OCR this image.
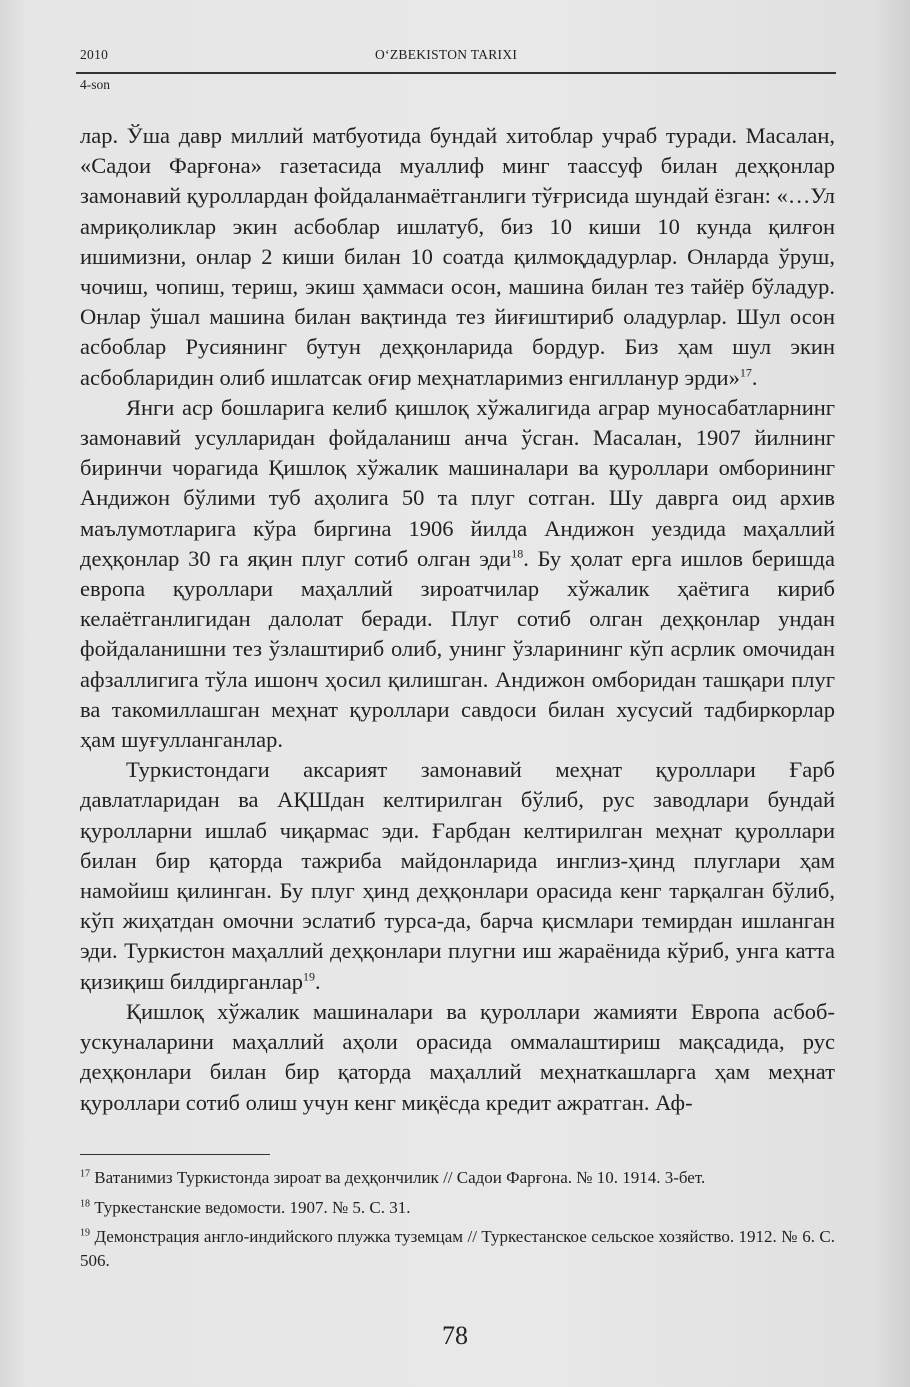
2010	O‘ZBEKISTON TARIXI
4-son

лар. Ўша давр миллий матбуотида бундай хитоблар учраб туради. Масалан, «Садои Фарғона» газетасида муаллиф минг таассуф билан деҳқонлар замонавий қуроллардан фойдаланмаётганлиги тўғрисида шундай ёзган: «…Ул амриқоликлар экин асбоблар ишлатуб, биз 10 киши 10 кунда қилғон ишимизни, онлар 2 киши билан 10 соатда қилмоқдадурлар. Онларда ўруш, чочиш, чопиш, териш, экиш ҳаммаси осон, машина билан тез тайёр бўладур. Онлар ўшал машина билан вақтинда тез йиғиштириб оладурлар. Шул осон асбоблар Русиянинг бутун деҳқонларида бордур. Биз ҳам шул экин асбобларидин олиб ишлатсак оғир меҳнатларимиз енгилланур эрди»$^{17}$.

Янги аср бошларига келиб қишлоқ хўжалигида аграр муносабатларнинг замонавий усулларидан фойдаланиш анча ўсган. Масалан, 1907 йилнинг биринчи чорагида Қишлоқ хўжалик машиналари ва қуроллари омборининг Андижон бўлими туб аҳолига 50 та плуг сотган. Шу даврга оид архив маълумотларига кўра биргина 1906 йилда Андижон уездида маҳаллий деҳқонлар 30 га яқин плуг сотиб олган эди$^{18}$. Бу ҳолат ерга ишлов беришда европа қуроллари маҳаллий зироатчилар хўжалик ҳаётига кириб келаётганлигидан далолат беради. Плуг сотиб олган деҳқонлар ундан фойдаланишни тез ўзлаштириб олиб, унинг ўзларининг кўп асрлик омочидан афзаллигига тўла ишонч ҳосил қилишган. Андижон омборидан ташқари плуг ва такомиллашган меҳнат қуроллари савдоси билан хусусий тадбиркорлар ҳам шуғулланганлар.

Туркистондаги аксарият замонавий меҳнат қуроллари Ғарб давлатларидан ва АҚШдан келтирилган бўлиб, рус заводлари бундай қуролларни ишлаб чиқармас эди. Ғарбдан келтирилган меҳнат қуроллари билан бир қаторда тажриба майдонларида инглиз-ҳинд плуглари ҳам намойиш қилинган. Бу плуг ҳинд деҳқонлари орасида кенг тарқалган бўлиб, кўп жиҳатдан омочни эслатиб турса-да, барча қисмлари темирдан ишланган эди. Туркистон маҳаллий деҳқонлари плугни иш жараёнида кўриб, унга катта қизиқиш билдирганлар$^{19}$.

Қишлоқ хўжалик машиналари ва қуроллари жамияти Европа асбоб-ускуналарини маҳаллий аҳоли орасида оммалаштириш мақсадида, рус деҳқонлари билан бир қаторда маҳаллий меҳнаткашларга ҳам меҳнат қуроллари сотиб олиш учун кенг миқёсда кредит ажратган. Аф-

$^{17}$ Ватанимиз Туркистонда зироат ва деҳқончилик // Садои Фарғона. № 10. 1914. 3-бет.

$^{18}$ Туркестанские ведомости. 1907. № 5. С. 31.

$^{19}$ Демонстрация англо-индийского плужка туземцам // Туркестанское сельское хозяйство. 1912. № 6. С. 506.

78
